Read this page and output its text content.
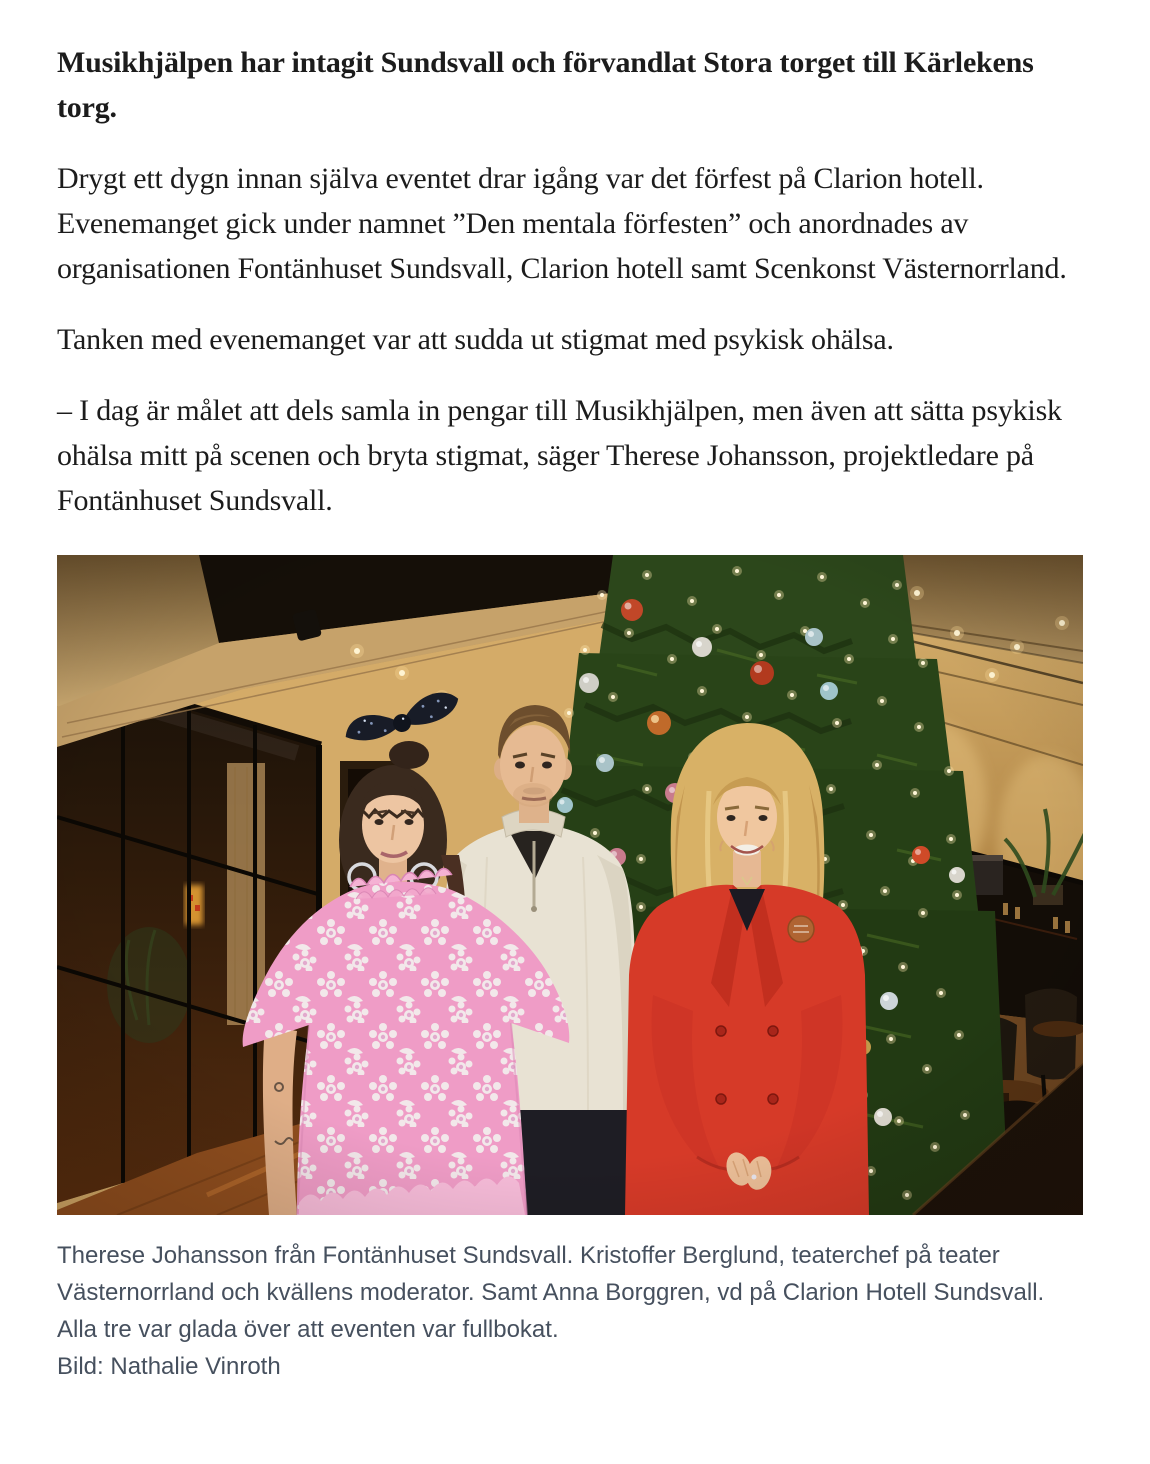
Musikhjälpen har intagit Sundsvall och förvandlat Stora torget till Kärlekens torg.

Drygt ett dygn innan själva eventet drar igång var det förfest på Clarion hotell. Evenemanget gick under namnet ”Den mentala förfesten” och anordnades av organisationen Fontänhuset Sundsvall, Clarion hotell samt Scenkonst Västernorrland.

Tanken med evenemanget var att sudda ut stigmat med psykisk ohälsa.

– I dag är målet att dels samla in pengar till Musikhjälpen, men även att sätta psykisk ohälsa mitt på scenen och bryta stigmat, säger Therese Johansson, projektledare på Fontänhuset Sundsvall.

Therese Johansson från Fontänhuset Sundsvall. Kristoffer Berglund, teaterchef på teater Västernorrland och kvällens moderator. Samt Anna Borggren, vd på Clarion Hotell Sundsvall. Alla tre var glada över att eventen var fullbokat.
Bild: Nathalie Vinroth
